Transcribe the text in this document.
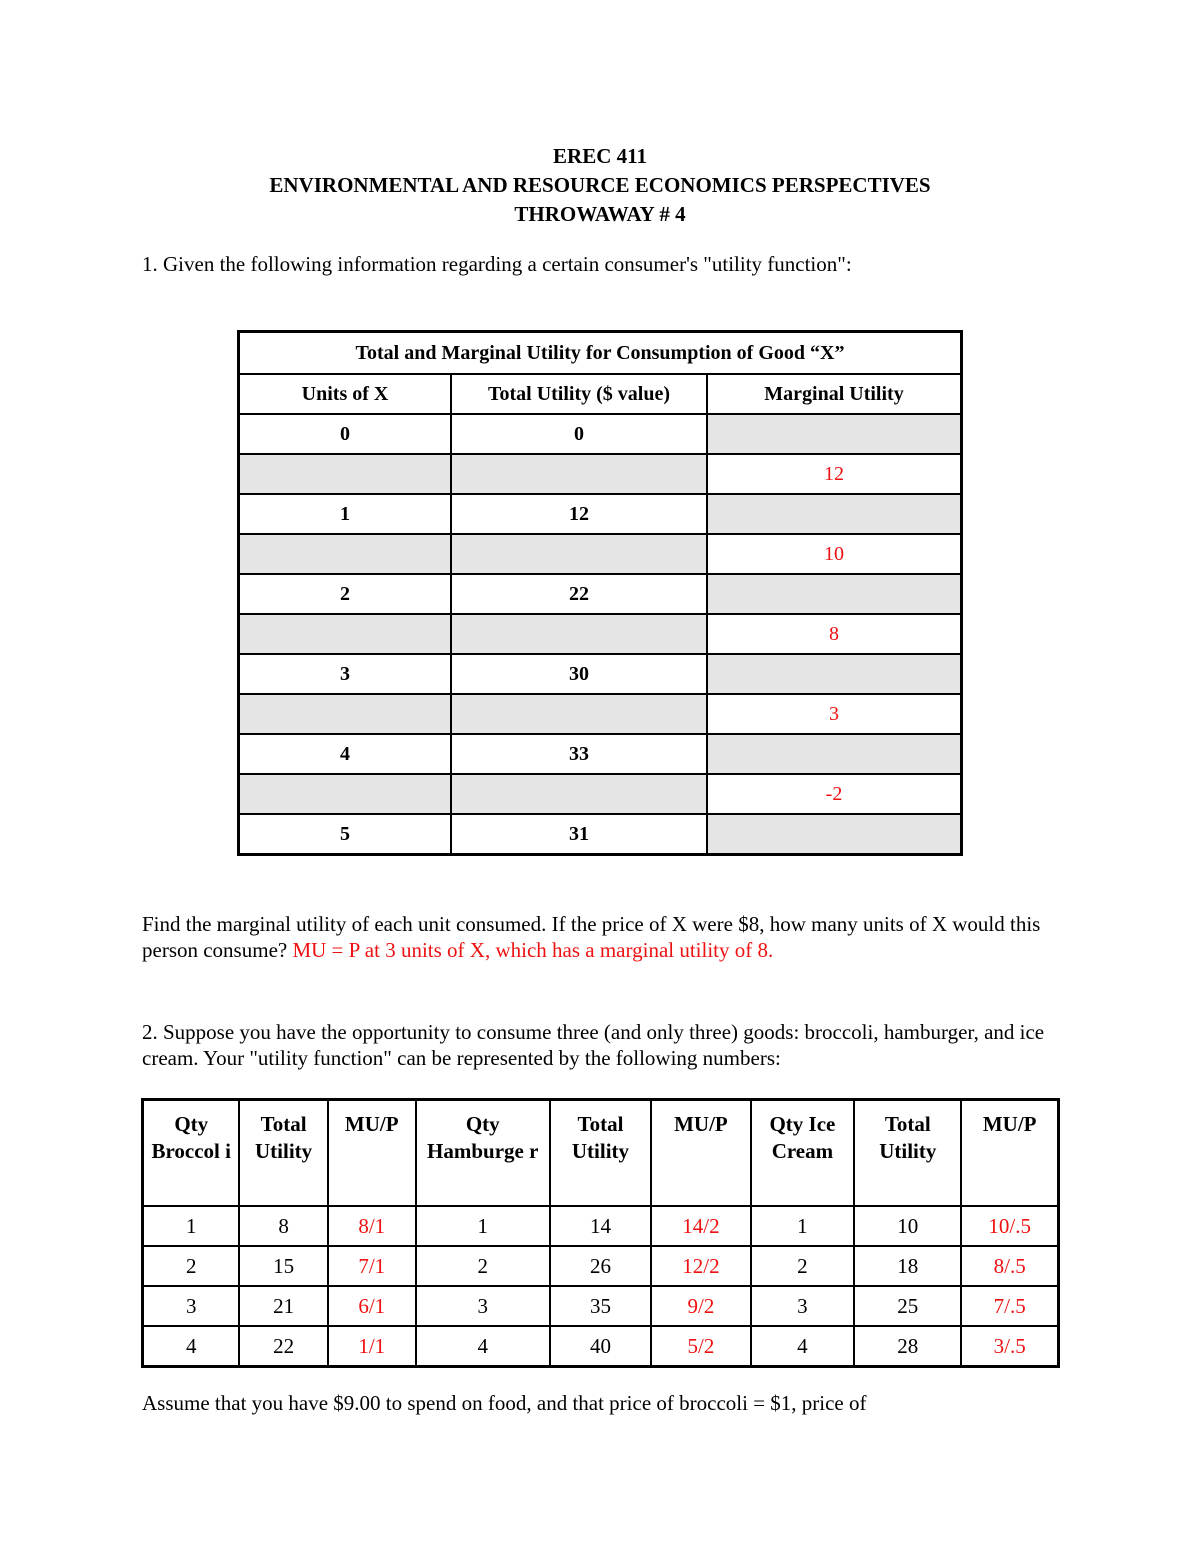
EREC 411
ENVIRONMENTAL AND RESOURCE ECONOMICS PERSPECTIVES
THROWAWAY # 4
1. Given the following information regarding a certain consumer's "utility function":
Total and Marginal Utility for Consumption of Good “X”		
Units of X	Total Utility ($ value)	Marginal Utility
0	0	
		12
1	12	
		10
2	22	
		8
3	30	
		3
4	33	
		-2
5	31	
Find the marginal utility of each unit consumed. If the price of X were $8, how many units of X would this person consume? MU = P at 3 units of X, which has a marginal utility of 8.
2. Suppose you have the opportunity to consume three (and only three) goods: broccoli, hamburger, and ice cream. Your "utility function" can be represented by the following numbers:
Qty Broccol i	Total Utility	MU/P	Qty Hamburge r	Total Utility	MU/P	Qty Ice Cream	Total Utility	MU/P
1	8	8/1	1	14	14/2	1	10	10/.5
2	15	7/1	2	26	12/2	2	18	8/.5
3	21	6/1	3	35	9/2	3	25	7/.5
4	22	1/1	4	40	5/2	4	28	3/.5
Assume that you have $9.00 to spend on food, and that price of broccoli = $1, price of
